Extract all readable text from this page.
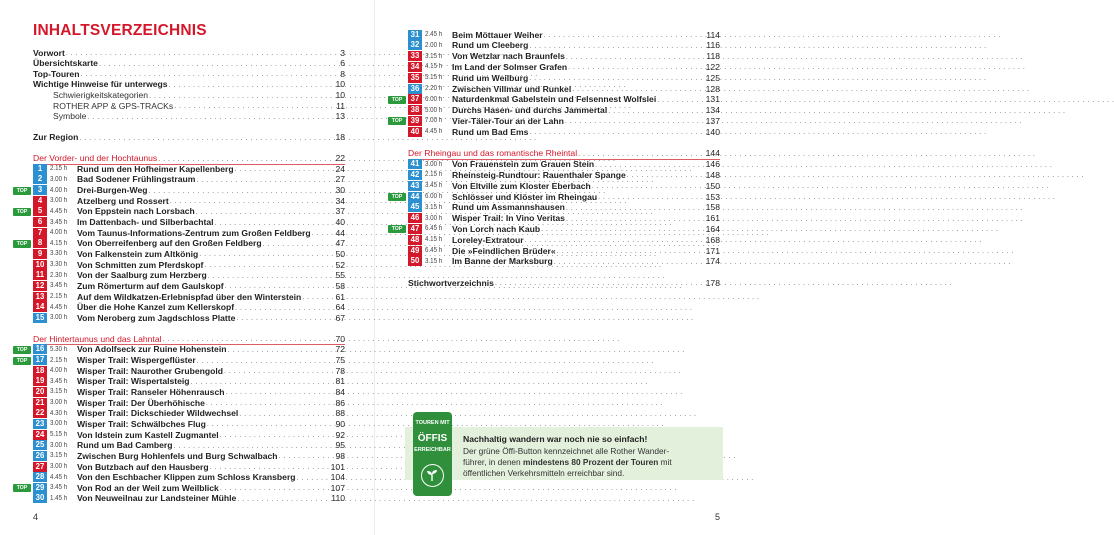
INHALTSVERZEICHNIS
Vorwort . . .	3
Übersichtskarte . . .	6
Top-Touren . . .	8
Wichtige Hinweise für unterwegs . . .	10
Schwierigkeitskategorien . . .	10
ROTHER APP & GPS-TRACKs . . .	11
Symbole . . .	13
Zur Region . . .	18
Der Vorder- und der Hochtaunus . . .	22
1	2.15 h	Rund um den Hofheimer Kapellenberg . . .	24
2	3.00 h	Bad Sodener Frühlingstraum . . .	27
TOP	3	4.00 h	Drei-Burgen-Weg . . .	30
4	3.00 h	Atzelberg und Rossert . . .	34
TOP	5	4.45 h	Von Eppstein nach Lorsbach . . .	37
6	3.45 h	Im Dattenbach- und Silberbachtal . . .	40
7	4.00 h	Vom Taunus-Informations-Zentrum zum Großen Feldberg . . .	44
TOP	8	4.15 h	Von Oberreifenberg auf den Großen Feldberg . . .	47
9	3.30 h	Von Falkenstein zum Altkönig . . .	50
10 3.30 h	Von Schmitten zum Pferdskopf . . .	52
11 2.30 h	Von der Saalburg zum Herzberg . . .	55
12 3.45 h	Zum Römerturm auf dem Gaulskopf . . .	58
13 2.15 h	Auf dem Wildkatzen-Erlebnispfad über den Winterstein . . .	61
14 4.45 h	Über die Hohe Kanzel zum Kellerskopf . . .	64
15 3.00 h	Vom Neroberg zum Jagdschloss Platte . . .	67
Der Hintertaunus und das Lahntal . . .	70
TOP	16 5.30 h	Von Adolfseck zur Ruine Hohenstein . . .	72
TOP	17 2.15 h	Wisper Trail: Wispergeflüster . . .	75
18 4.00 h	Wisper Trail: Naurother Grubengold . . .	78
19 3.45 h	Wisper Trail: Wispertalsteig . . .	81
20 3.15 h	Wisper Trail: Ranseler Höhenrausch . . .	84
21 3.00 h	Wisper Trail: Der Überhöhische . . .	86
22 4.30 h	Wisper Trail: Dickschieder Wildwechsel . . .	88
23 3.00 h	Wisper Trail: Schwälbches Flug . . .	90
24 5.15 h	Von Idstein zum Kastell Zugmantel . . .	92
25 3.00 h	Rund um Bad Camberg . . .	95
26 3.15 h	Zwischen Burg Hohlenfels und Burg Schwalbach . . .	98
27 3.00 h	Von Butzbach auf den Hausberg . . .	101
28 4.45 h	Von den Eschbacher Klippen zum Schloss Kransberg . . .	104
TOP	29 3.45 h	Von Rod an der Weil zum Weilblick . . .	107
30 1.45 h	Von Neuweilnau zur Landsteiner Mühle . . .	110
4
31 2.45 h	Beim Möttauer Weiher . . .	114
32 2.00 h	Rund um Cleeberg . . .	116
33 3.15 h	Von Wetzlar nach Braunfels . . .	118
34 4.15 h	Im Land der Solmser Grafen . . .	122
35 5.15 h	Rund um Weilburg . . .	125
36 2.20 h	Zwischen Villmar und Runkel . . .	128
TOP	37 6.00 h	Naturdenkmal Gabelstein und Felsennest Wolfslei . . .	131
38 5.00 h	Durchs Hasen- und durchs Jammertal . . .	134
TOP	39 7.00 h	Vier-Täler-Tour an der Lahn . . .	137
40 4.45 h	Rund um Bad Ems . . .	140
Der Rheingau und das romantische Rheintal . . .	144
41 3.00 h	Von Frauenstein zum Grauen Stein . . .	146
42 2.15 h	Rheinsteig-Rundtour: Rauenthaler Spange . . .	148
43 3.45 h	Von Eltville zum Kloster Eberbach . . .	150
TOP	44 6.00 h	Schlösser und Klöster im Rheingau . . .	153
45 3.15 h	Rund um Assmannshausen . . .	158
46 3.00 h	Wisper Trail: In Vino Veritas . . .	161
TOP	47 6.45 h	Von Lorch nach Kaub . . .	164
48 4.15 h	Loreley-Extratour . . .	168
49 6.45 h	Die »Feindlichen Brüder« . . .	171
50 3.15 h	Im Banne der Marksburg . . .	174
Stichwortverzeichnis . . .	178
TOUREN MIT
ÖFFIS
ERREICHBAR
Nachhaltig wandern war noch nie so einfach!
Der grüne Öffi-Button kennzeichnet alle Rother Wander-
führer, in denen mindestens 80 Prozent der Touren mit
öffentlichen Verkehrsmitteln erreichbar sind.
5
